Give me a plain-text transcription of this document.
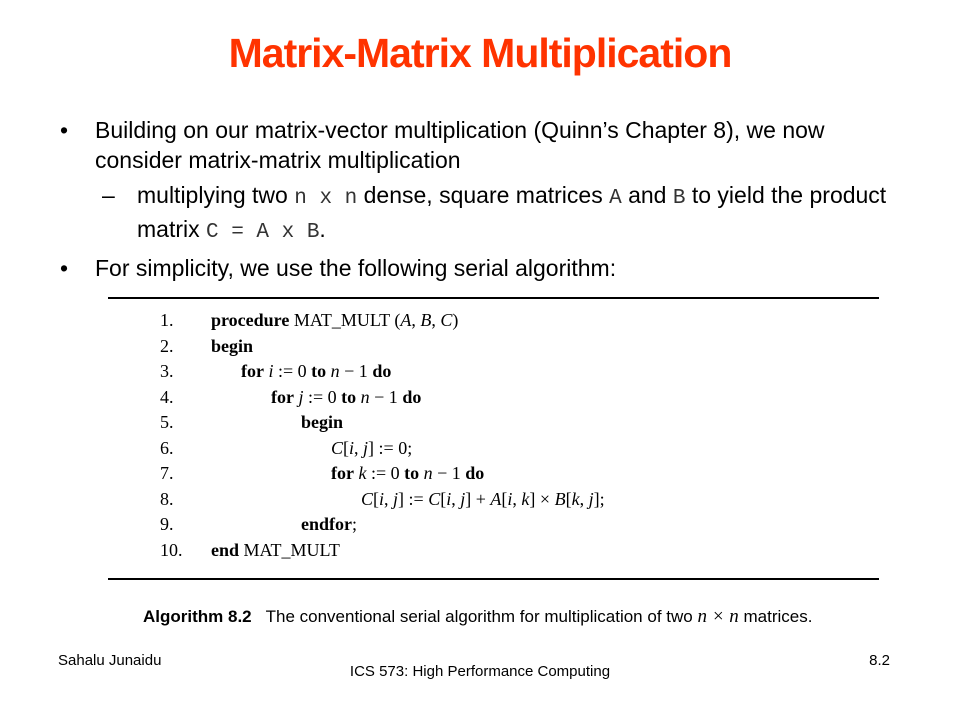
Matrix-Matrix Multiplication
• Building on our matrix-vector multiplication (Quinn’s Chapter 8), we now consider matrix-matrix multiplication
– multiplying two n x n dense, square matrices A and B to yield the product matrix C = A x B.
• For simplicity, we use the following serial algorithm:
1.	procedure MAT_MULT (A, B, C)
2.	begin
3.	for i := 0 to n − 1 do
4.	for j := 0 to n − 1 do
5.	begin
6.	C[i, j] := 0;
7.	for k := 0 to n − 1 do
8.	C[i, j] := C[i, j] + A[i, k] × B[k, j];
9.	endfor;
10.	end MAT_MULT
Algorithm 8.2 The conventional serial algorithm for multiplication of two n × n matrices.
Sahalu Junaidu
ICS 573: High Performance Computing
8.2
